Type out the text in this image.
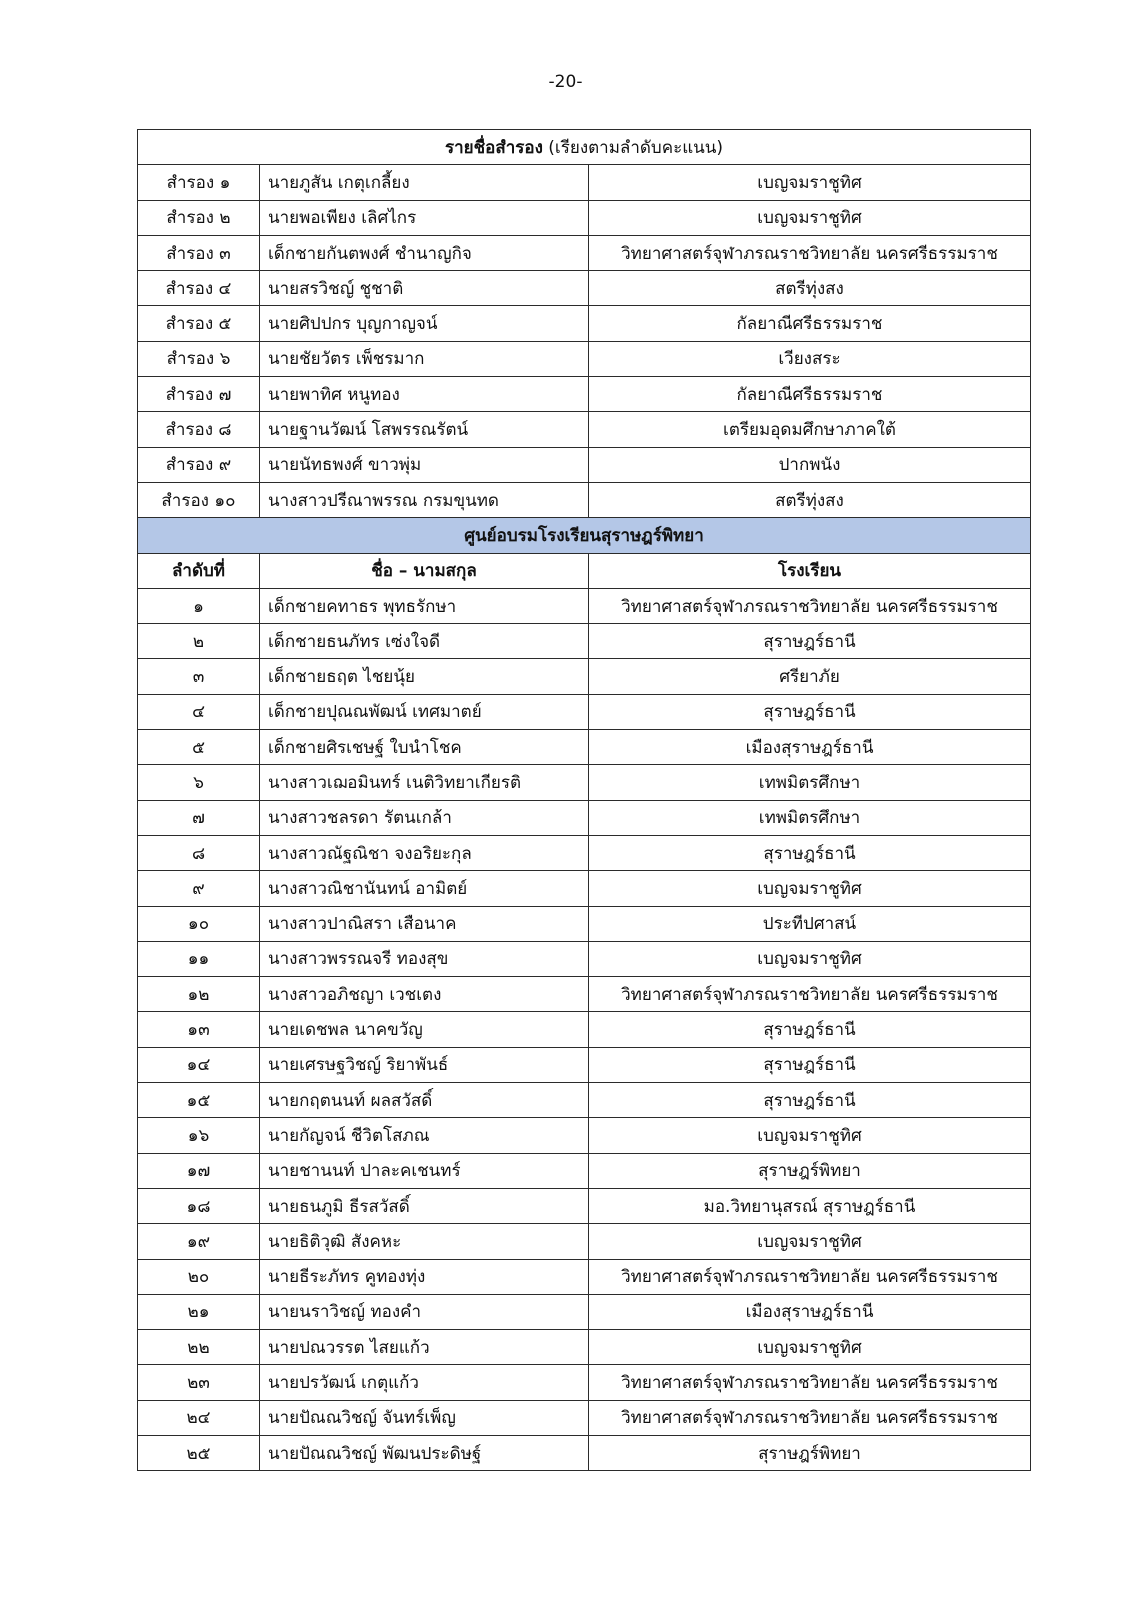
-20-
รายชื่อสำรอง (เรียงตามลำดับคะแนน)		
สำรอง ๑	นายภูสัน เกตุเกลี้ยง	เบญจมราชูทิศ
สำรอง ๒	นายพอเพียง เลิศไกร	เบญจมราชูทิศ
สำรอง ๓	เด็กชายกันตพงศ์ ชำนาญกิจ	วิทยาศาสตร์จุฬาภรณราชวิทยาลัย นครศรีธรรมราช
สำรอง ๔	นายสรวิชญ์ ชูชาติ	สตรีทุ่งสง
สำรอง ๕	นายศิปปกร บุญกาญจน์	กัลยาณีศรีธรรมราช
สำรอง ๖	นายชัยวัตร เพ็ชรมาก	เวียงสระ
สำรอง ๗	นายพาทิศ หนูทอง	กัลยาณีศรีธรรมราช
สำรอง ๘	นายฐานวัฒน์ โสพรรณรัตน์	เตรียมอุดมศึกษาภาคใต้
สำรอง ๙	นายนัทธพงศ์ ขาวพุ่ม	ปากพนัง
สำรอง ๑๐	นางสาวปรีณาพรรณ กรมขุนทด	สตรีทุ่งสง
ศูนย์อบรมโรงเรียนสุราษฎร์พิทยา		
ลำดับที่	ชื่อ – นามสกุล	โรงเรียน
๑	เด็กชายคทาธร พุทธรักษา	วิทยาศาสตร์จุฬาภรณราชวิทยาลัย นครศรีธรรมราช
๒	เด็กชายธนภัทร เซ่งใจดี	สุราษฎร์ธานี
๓	เด็กชายธฤต ไชยนุ้ย	ศรียาภัย
๔	เด็กชายปุณณพัฒน์ เทศมาตย์	สุราษฎร์ธานี
๕	เด็กชายศิรเชษฐ์ ใบนำโชค	เมืองสุราษฎร์ธานี
๖	นางสาวเฌอมินทร์ เนติวิทยาเกียรติ	เทพมิตรศึกษา
๗	นางสาวชลรดา รัตนเกล้า	เทพมิตรศึกษา
๘	นางสาวณัฐณิชา จงอริยะกุล	สุราษฎร์ธานี
๙	นางสาวณิชานันทน์ อามิตย์	เบญจมราชูทิศ
๑๐	นางสาวปาณิสรา เสือนาค	ประทีปศาสน์
๑๑	นางสาวพรรณจรี ทองสุข	เบญจมราชูทิศ
๑๒	นางสาวอภิชญา เวชเตง	วิทยาศาสตร์จุฬาภรณราชวิทยาลัย นครศรีธรรมราช
๑๓	นายเดชพล นาคขวัญ	สุราษฎร์ธานี
๑๔	นายเศรษฐวิชญ์ ริยาพันธ์	สุราษฎร์ธานี
๑๕	นายกฤตนนท์ ผลสวัสดิ์	สุราษฎร์ธานี
๑๖	นายกัญจน์ ชีวิตโสภณ	เบญจมราชูทิศ
๑๗	นายชานนท์ ปาละคเชนทร์	สุราษฎร์พิทยา
๑๘	นายธนภูมิ ธีรสวัสดิ์	มอ.วิทยานุสรณ์ สุราษฎร์ธานี
๑๙	นายธิติวุฒิ สังคหะ	เบญจมราชูทิศ
๒๐	นายธีระภัทร คูทองทุ่ง	วิทยาศาสตร์จุฬาภรณราชวิทยาลัย นครศรีธรรมราช
๒๑	นายนราวิชญ์ ทองคำ	เมืองสุราษฎร์ธานี
๒๒	นายปณวรรต ไสยแก้ว	เบญจมราชูทิศ
๒๓	นายปรวัฒน์ เกตุแก้ว	วิทยาศาสตร์จุฬาภรณราชวิทยาลัย นครศรีธรรมราช
๒๔	นายปัณณวิชญ์ จันทร์เพ็ญ	วิทยาศาสตร์จุฬาภรณราชวิทยาลัย นครศรีธรรมราช
๒๕	นายปัณณวิชญ์ พัฒนประดิษฐ์	สุราษฎร์พิทยา
